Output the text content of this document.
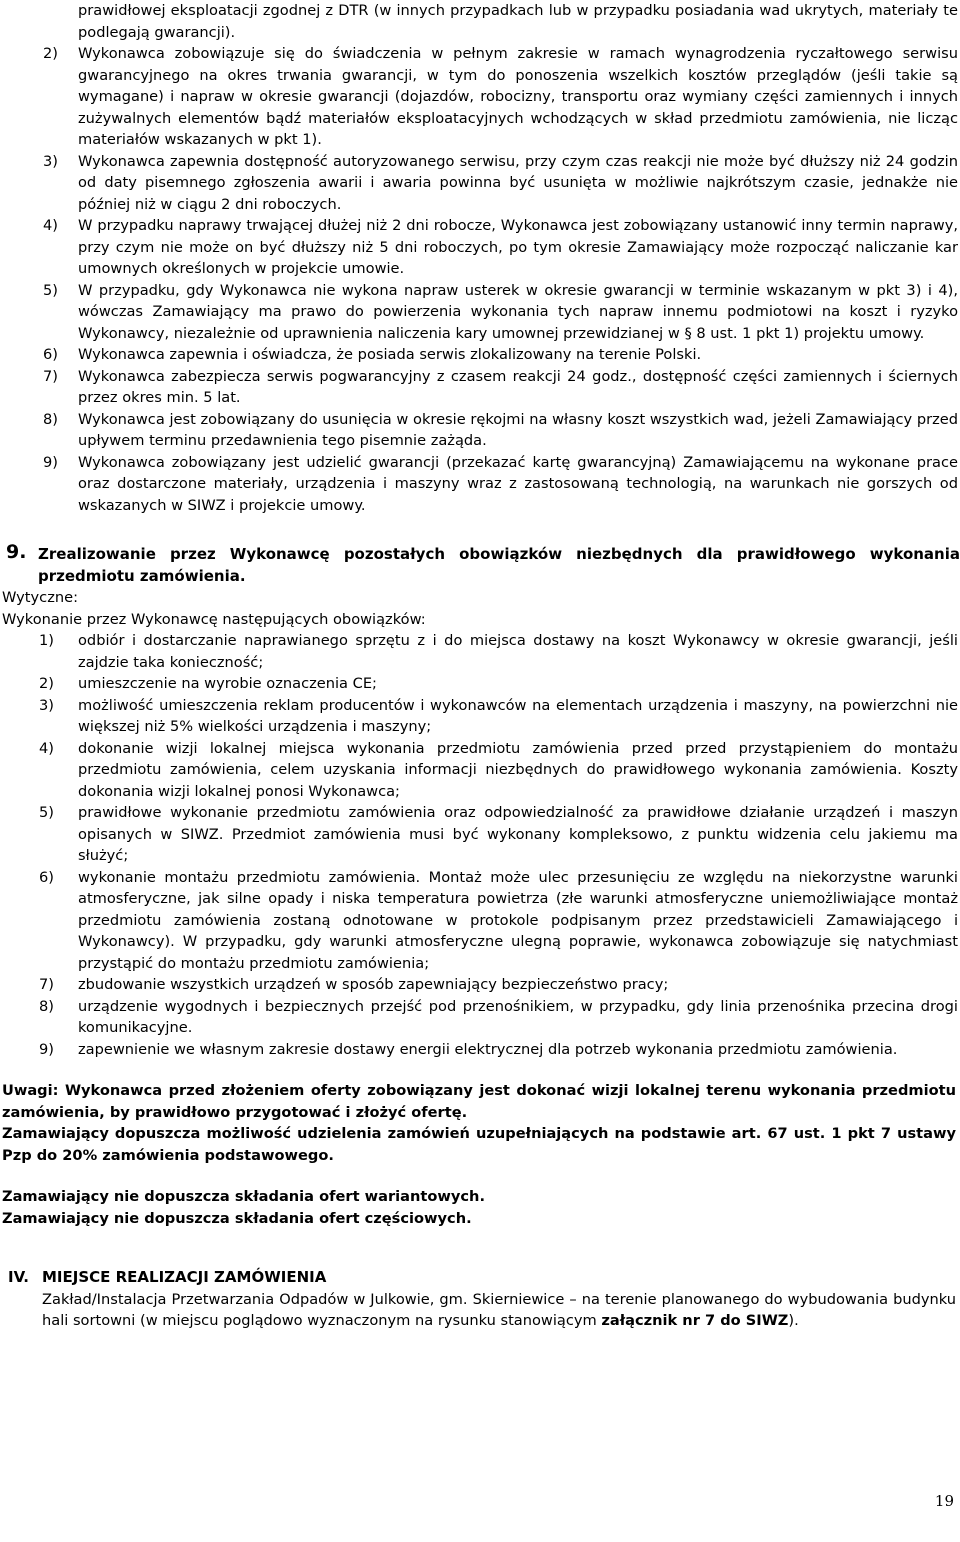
prawidłowej eksploatacji zgodnej z DTR (w innych przypadkach lub w przypadku posiadania wad ukrytych, materiały te podlegają gwarancji).
2) Wykonawca zobowiązuje się do świadczenia w pełnym zakresie w ramach wynagrodzenia ryczałtowego serwisu gwarancyjnego na okres trwania gwarancji, w tym do ponoszenia wszelkich kosztów przeglądów (jeśli takie są wymagane) i napraw w okresie gwarancji (dojazdów, robocizny, transportu oraz wymiany części zamiennych i innych zużywalnych elementów bądź materiałów eksploatacyjnych wchodzących w skład przedmiotu zamówienia, nie licząc materiałów wskazanych w pkt 1).
3) Wykonawca zapewnia dostępność autoryzowanego serwisu, przy czym czas reakcji nie może być dłuższy niż 24 godzin od daty pisemnego zgłoszenia awarii i awaria powinna być usunięta w możliwie najkrótszym czasie, jednakże nie później niż w ciągu 2 dni roboczych.
4) W przypadku naprawy trwającej dłużej niż 2 dni robocze, Wykonawca jest zobowiązany ustanowić inny termin naprawy, przy czym nie może on być dłuższy niż 5 dni roboczych, po tym okresie Zamawiający może rozpocząć naliczanie kar umownych określonych w projekcie umowie.
5) W przypadku, gdy Wykonawca nie wykona napraw usterek w okresie gwarancji w terminie wskazanym w pkt 3) i 4), wówczas Zamawiający ma prawo do powierzenia wykonania tych napraw innemu podmiotowi na koszt i ryzyko Wykonawcy, niezależnie od uprawnienia naliczenia kary umownej przewidzianej w § 8 ust. 1 pkt 1) projektu umowy.
6) Wykonawca zapewnia i oświadcza, że posiada serwis zlokalizowany na terenie Polski.
7) Wykonawca zabezpiecza serwis pogwarancyjny z czasem reakcji 24 godz., dostępność części zamiennych i ściernych przez okres min. 5 lat.
8) Wykonawca jest zobowiązany do usunięcia w okresie rękojmi na własny koszt wszystkich wad, jeżeli Zamawiający przed upływem terminu przedawnienia tego pisemnie zażąda.
9) Wykonawca zobowiązany jest udzielić gwarancji (przekazać kartę gwarancyjną) Zamawiającemu na wykonane prace oraz dostarczone materiały, urządzenia i maszyny wraz z zastosowaną technologią, na warunkach nie gorszych od wskazanych w SIWZ i projekcie umowy.
9. Zrealizowanie przez Wykonawcę pozostałych obowiązków niezbędnych dla prawidłowego wykonania przedmiotu zamówienia.
Wytyczne:
Wykonanie przez Wykonawcę następujących obowiązków:
1) odbiór i dostarczanie naprawianego sprzętu z i do miejsca dostawy na koszt Wykonawcy w okresie gwarancji, jeśli zajdzie taka konieczność;
2) umieszczenie na wyrobie oznaczenia CE;
3) możliwość umieszczenia reklam producentów i wykonawców na elementach urządzenia i maszyny, na powierzchni nie większej niż 5% wielkości urządzenia i maszyny;
4) dokonanie wizji lokalnej miejsca wykonania przedmiotu zamówienia przed przed przystąpieniem do montażu przedmiotu zamówienia, celem uzyskania informacji niezbędnych do prawidłowego wykonania zamówienia. Koszty dokonania wizji lokalnej ponosi Wykonawca;
5) prawidłowe wykonanie przedmiotu zamówienia oraz odpowiedzialność za prawidłowe działanie urządzeń i maszyn opisanych w SIWZ. Przedmiot zamówienia musi być wykonany kompleksowo, z punktu widzenia celu jakiemu ma służyć;
6) wykonanie montażu przedmiotu zamówienia. Montaż może ulec przesunięciu ze względu na niekorzystne warunki atmosferyczne, jak silne opady i niska temperatura powietrza (złe warunki atmosferyczne uniemożliwiające montaż przedmiotu zamówienia zostaną odnotowane w protokole podpisanym przez przedstawicieli Zamawiającego i Wykonawcy). W przypadku, gdy warunki atmosferyczne ulegną poprawie, wykonawca zobowiązuje się natychmiast przystąpić do montażu przedmiotu zamówienia;
7) zbudowanie wszystkich urządzeń w sposób zapewniający bezpieczeństwo pracy;
8) urządzenie wygodnych i bezpiecznych przejść pod przenośnikiem, w przypadku, gdy linia przenośnika przecina drogi komunikacyjne.
9) zapewnienie we własnym zakresie dostawy energii elektrycznej dla potrzeb wykonania przedmiotu zamówienia.
Uwagi: Wykonawca przed złożeniem oferty zobowiązany jest dokonać wizji lokalnej terenu wykonania przedmiotu zamówienia, by prawidłowo przygotować i złożyć ofertę.
Zamawiający dopuszcza możliwość udzielenia zamówień uzupełniających na podstawie art. 67 ust. 1 pkt 7 ustawy Pzp do 20% zamówienia podstawowego.
Zamawiający nie dopuszcza składania ofert wariantowych.
Zamawiający nie dopuszcza składania ofert częściowych.
IV. MIEJSCE REALIZACJI ZAMÓWIENIA
Zakład/Instalacja Przetwarzania Odpadów w Julkowie, gm. Skierniewice – na terenie planowanego do wybudowania budynku hali sortowni (w miejscu poglądowo wyznaczonym na rysunku stanowiącym załącznik nr 7 do SIWZ).
19
